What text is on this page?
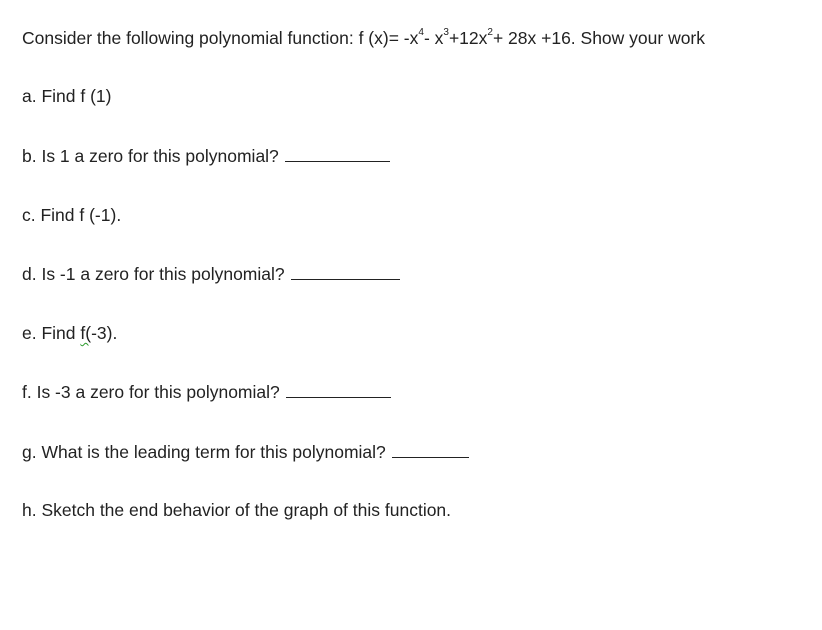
Consider the following polynomial function: f $(x)= -x^4-$ $x^3+12x^2+ 28x +16$. Show your work
a. Find f (1)
b. Is 1 a zero for this polynomial?
c. Find f (-1).
d. Is -1 a zero for this polynomial?
e. Find f(-3).
f. Is -3 a zero for this polynomial?
g. What is the leading term for this polynomial?
h. Sketch the end behavior of the graph of this function.
